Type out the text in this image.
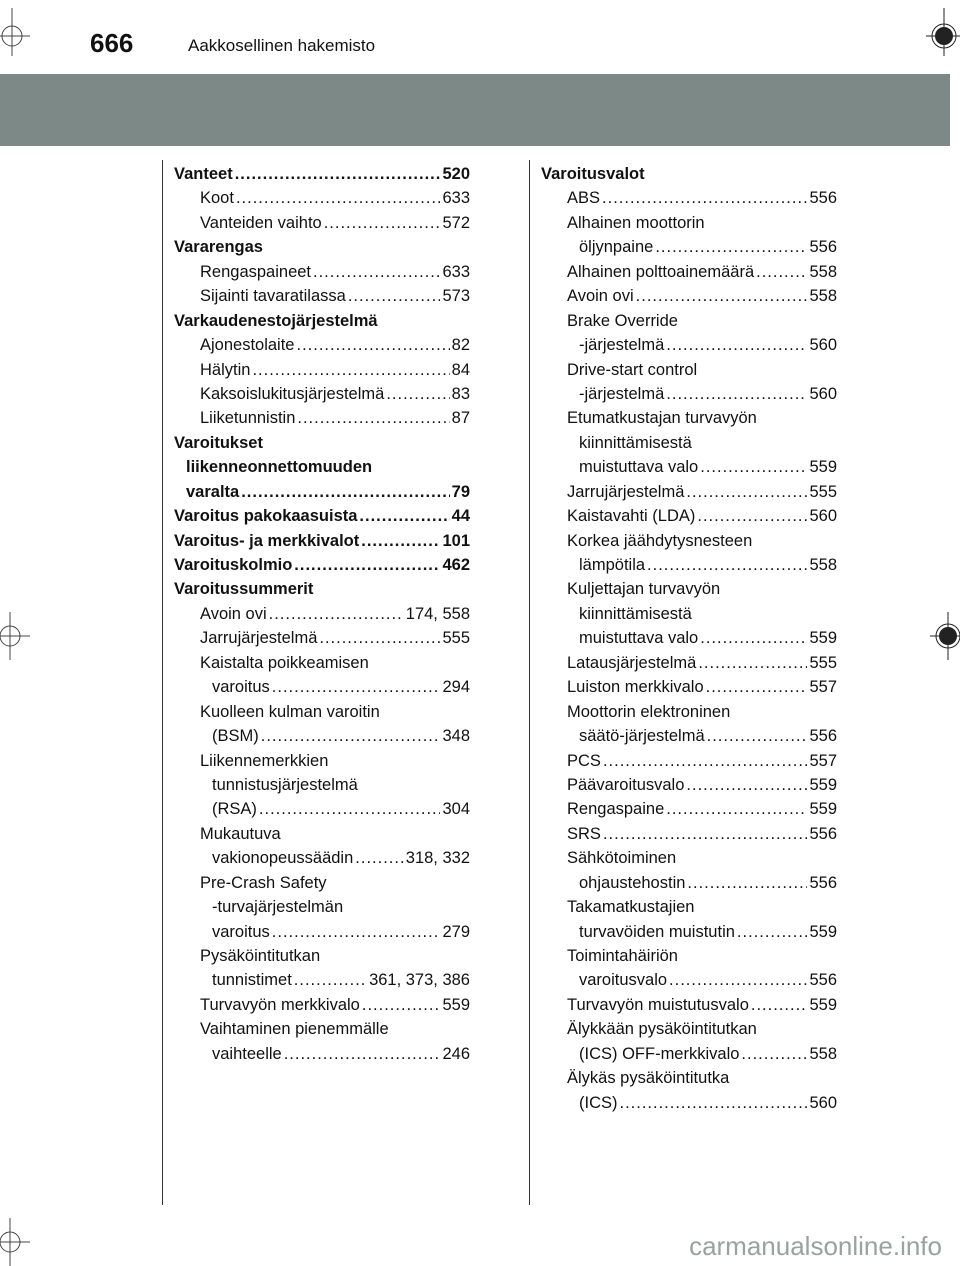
666	Aakkosellinen hakemisto
Vanteet .....	520
Koot .....	633
Vanteiden vaihto .....	572
Vararengas
Rengaspaineet .....	633
Sijainti tavaratilassa .....	573
Varkaudenestojärjestelmä
Ajonestolaite .....	82
Hälytin .....	84
Kaksoislukitusjärjestelmä .....	83
Liiketunnistin .....	87
Varoitukset
liikenneonnettomuuden
varalta .....	79
Varoitus pakokaasuista .....	44
Varoitus- ja merkkivalot .....	101
Varoituskolmio .....	462
Varoitussummerit
Avoin ovi .....	174, 558
Jarrujärjestelmä .....	555
Kaistalta poikkeamisen
varoitus .....	294
Kuolleen kulman varoitin
(BSM) .....	348
Liikennemerkkien
tunnistusjärjestelmä
(RSA) .....	304
Mukautuva
vakionopeussäädin .....	318, 332
Pre-Crash Safety
-turvajärjestelmän
varoitus .....	279
Pysäköintitutkan
tunnistimet .....	361, 373, 386
Turvavyön merkkivalo .....	559
Vaihtaminen pienemmälle
vaihteelle .....	246
Varoitusvalot
ABS .....	556
Alhainen moottorin
öljynpaine .....	556
Alhainen polttoainemäärä .....	558
Avoin ovi .....	558
Brake Override
-järjestelmä .....	560
Drive-start control
-järjestelmä .....	560
Etumatkustajan turvavyön
kiinnittämisestä
muistuttava valo .....	559
Jarrujärjestelmä .....	555
Kaistavahti (LDA) .....	560
Korkea jäähdytysnesteen
lämpötila .....	558
Kuljettajan turvavyön
kiinnittämisestä
muistuttava valo .....	559
Latausjärjestelmä .....	555
Luiston merkkivalo .....	557
Moottorin elektroninen
säätö-järjestelmä .....	556
PCS .....	557
Päävaroitusvalo .....	559
Rengaspaine .....	559
SRS .....	556
Sähkötoiminen
ohjaustehostin .....	556
Takamatkustajien
turvavöiden muistutin .....	559
Toimintahäiriön
varoitusvalo .....	556
Turvavyön muistutusvalo .....	559
Älykkään pysäköintitutkan
(ICS) OFF-merkkivalo .....	558
Älykäs pysäköintitutka
(ICS) .....	560
carmanualsonline.info
